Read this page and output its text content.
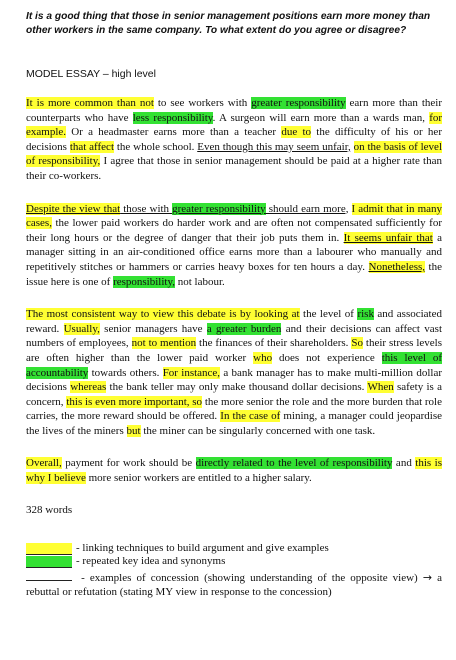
It is a good thing that those in senior management positions earn more money than other workers in the same company. To what extent do you agree or disagree?

MODEL ESSAY – high level

It is more common than not to see workers with greater responsibility earn more than their counterparts who have less responsibility. A surgeon will earn more than a wards man, for example. Or a headmaster earns more than a teacher due to the difficulty of his or her decisions that affect the whole school. Even though this may seem unfair, on the basis of level of responsibility, I agree that those in senior management should be paid at a higher rate than their co-workers.

Despite the view that those with greater responsibility should earn more, I admit that in many cases, the lower paid workers do harder work and are often not compensated sufficiently for their long hours or the degree of danger that their job puts them in. It seems unfair that a manager sitting in an air-conditioned office earns more than a labourer who manually and repetitively stitches or hammers or carries heavy boxes for ten hours a day. Nonetheless, the issue here is one of responsibility, not labour.

The most consistent way to view this debate is by looking at the level of risk and associated reward. Usually, senior managers have a greater burden and their decisions can affect vast numbers of employees, not to mention the finances of their shareholders. So their stress levels are often higher than the lower paid worker who does not experience this level of accountability towards others. For instance, a bank manager has to make multi-million dollar decisions whereas the bank teller may only make thousand dollar decisions. When safety is a concern, this is even more important, so the more senior the role and the more burden that role carries, the more reward should be offered. In the case of mining, a manager could jeopardise the lives of the miners but the miner can be singularly concerned with one task.

Overall, payment for work should be directly related to the level of responsibility and this is why I believe more senior workers are entitled to a higher salary.

328 words

- linking techniques to build argument and give examples
- repeated key idea and synonyms
- examples of concession (showing understanding of the opposite view) → a rebuttal or refutation (stating MY view in response to the concession)
